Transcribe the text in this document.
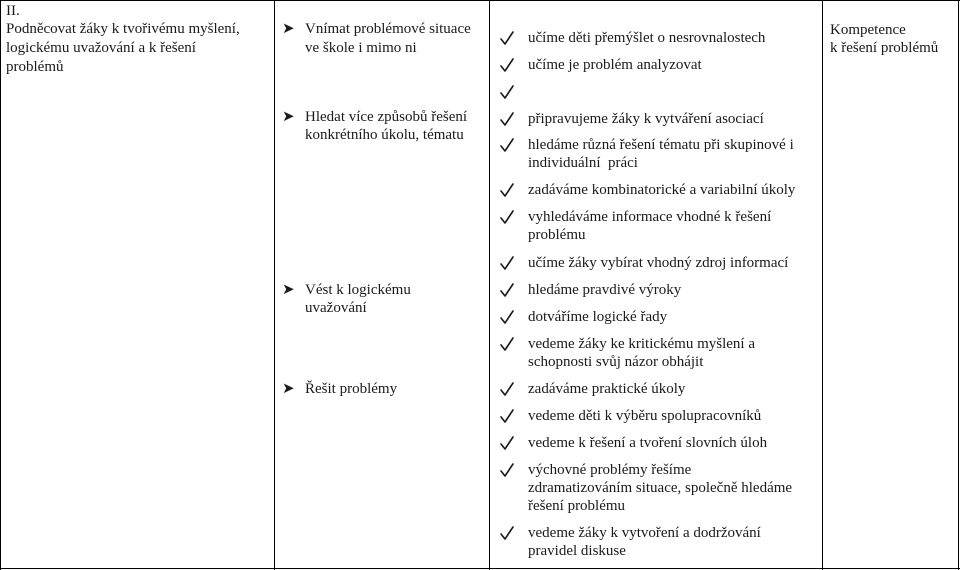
II.
Podněcovat žáky k tvořivému myšlení,
logickému uvažování a k řešení
problémů
➤ Vnímat problémové situace
ve škole i mimo ni
➤ Hledat více způsobů řešení
konkrétního úkolu, tématu
➤ Vést k logickému
uvažování
➤ Řešit problémy
učíme děti přemýšlet o nesrovnalostech
učíme je problém analyzovat
připravujeme žáky k vytváření asociací
hledáme různá řešení tématu při skupinové i
individuální  práci
zadáváme kombinatorické a variabilní úkoly
vyhledáváme informace vhodné k řešení
problému
učíme žáky vybírat vhodný zdroj informací
hledáme pravdivé výroky
dotváříme logické řady
vedeme žáky ke kritickému myšlení a
schopnosti svůj názor obhájit
zadáváme praktické úkoly
vedeme děti k výběru spolupracovníků
vedeme k řešení a tvoření slovních úloh
výchovné problémy řešíme
zdramatizováním situace, společně hledáme
řešení problému
vedeme žáky k vytvoření a dodržování
pravidel diskuse
Kompetence
k řešení problémů
